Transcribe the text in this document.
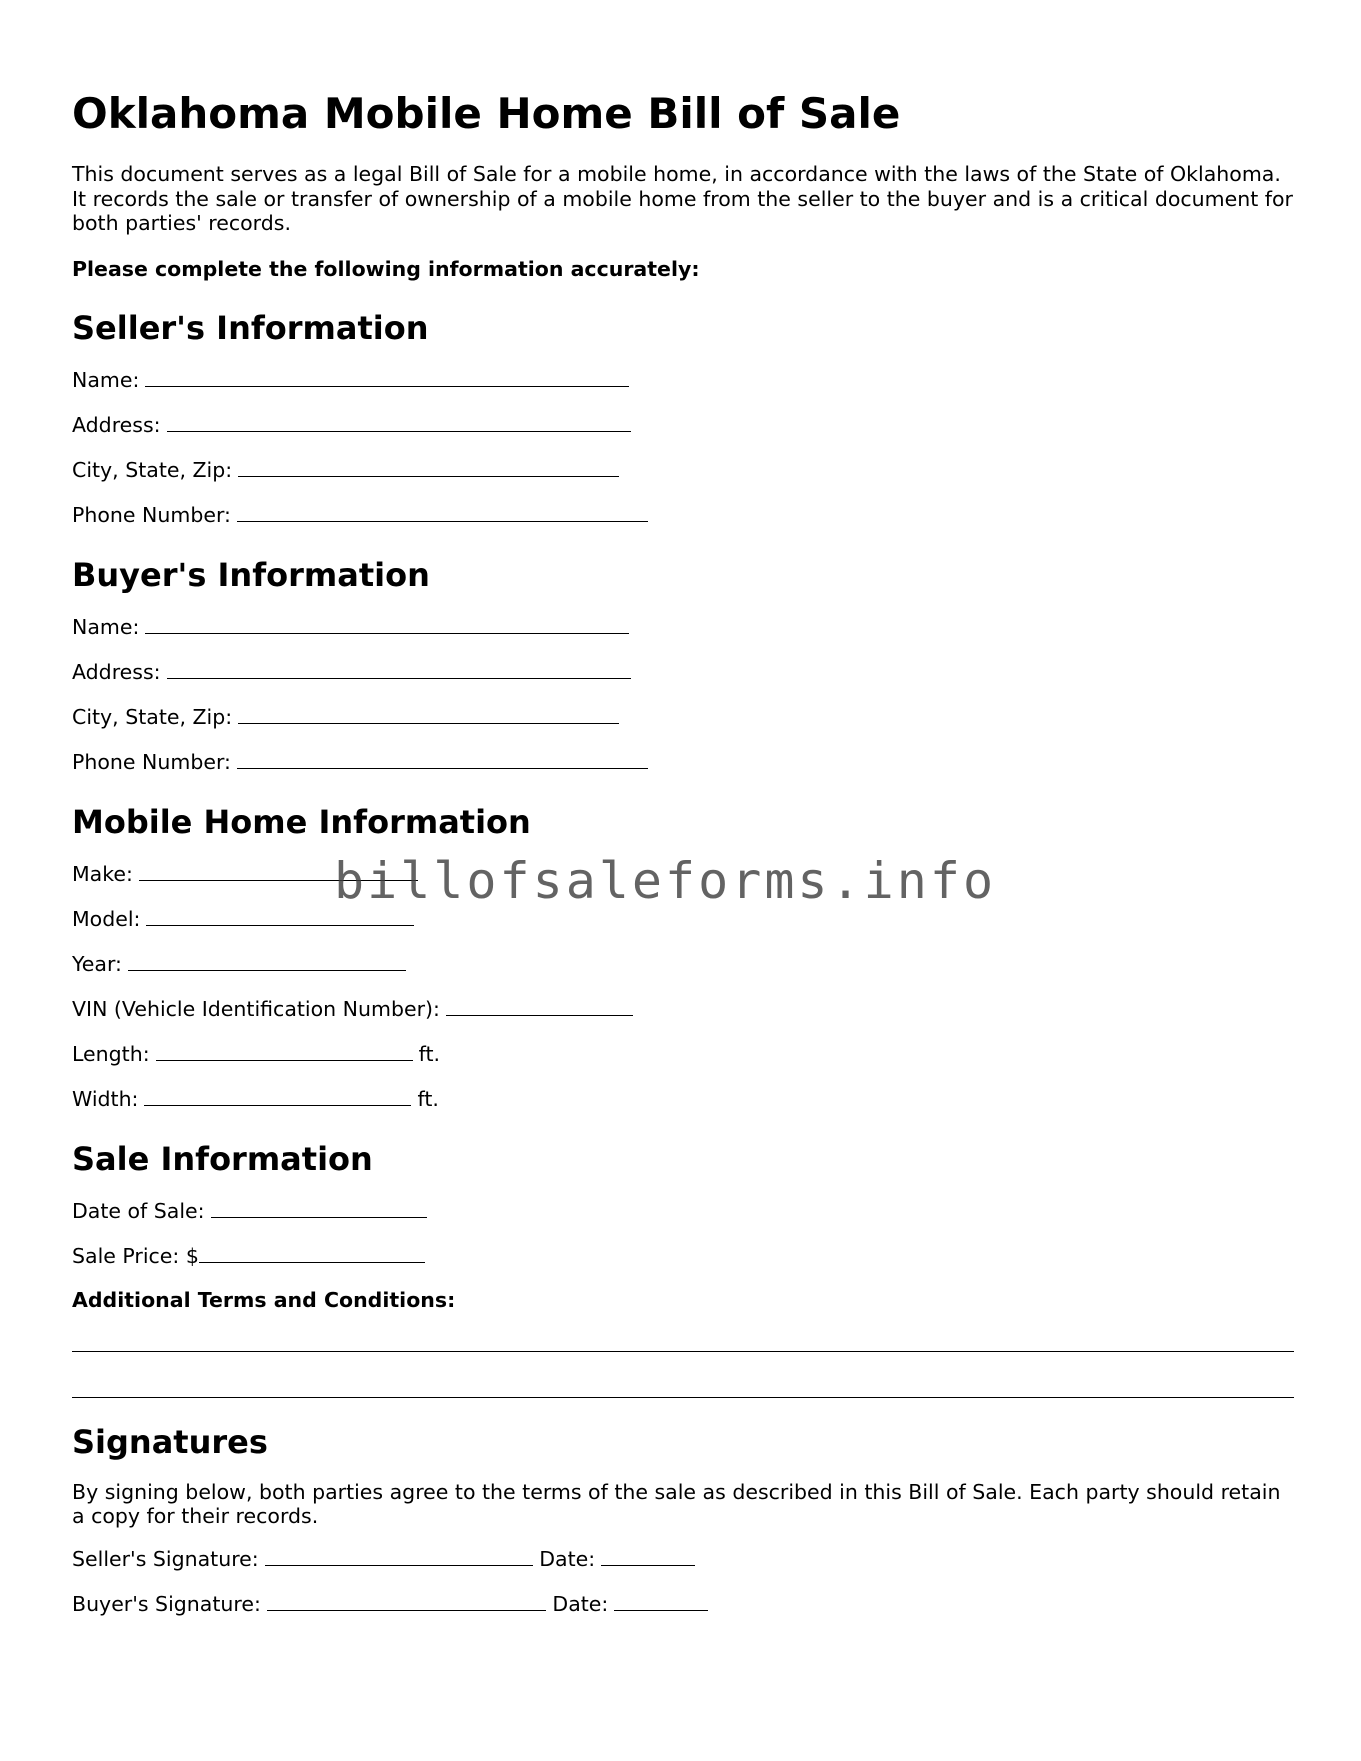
Oklahoma Mobile Home Bill of Sale

This document serves as a legal Bill of Sale for a mobile home, in accordance with the laws of the State of Oklahoma. It records the sale or transfer of ownership of a mobile home from the seller to the buyer and is a critical document for both parties' records.

Please complete the following information accurately:

Seller's Information
Name:
Address:
City, State, Zip:
Phone Number:
Buyer's Information
Name:
Address:
City, State, Zip:
Phone Number:
Mobile Home Information
Make:
Model:
Year:
VIN (Vehicle Identification Number):
Length:	ft.
Width:	ft.
Sale Information
Date of Sale:
Sale Price: $
Additional Terms and Conditions:
Signatures

By signing below, both parties agree to the terms of the sale as described in this Bill of Sale. Each party should retain a copy for their records.

Seller's Signature:	Date:
Buyer's Signature:	Date:
billofsaleforms.info
